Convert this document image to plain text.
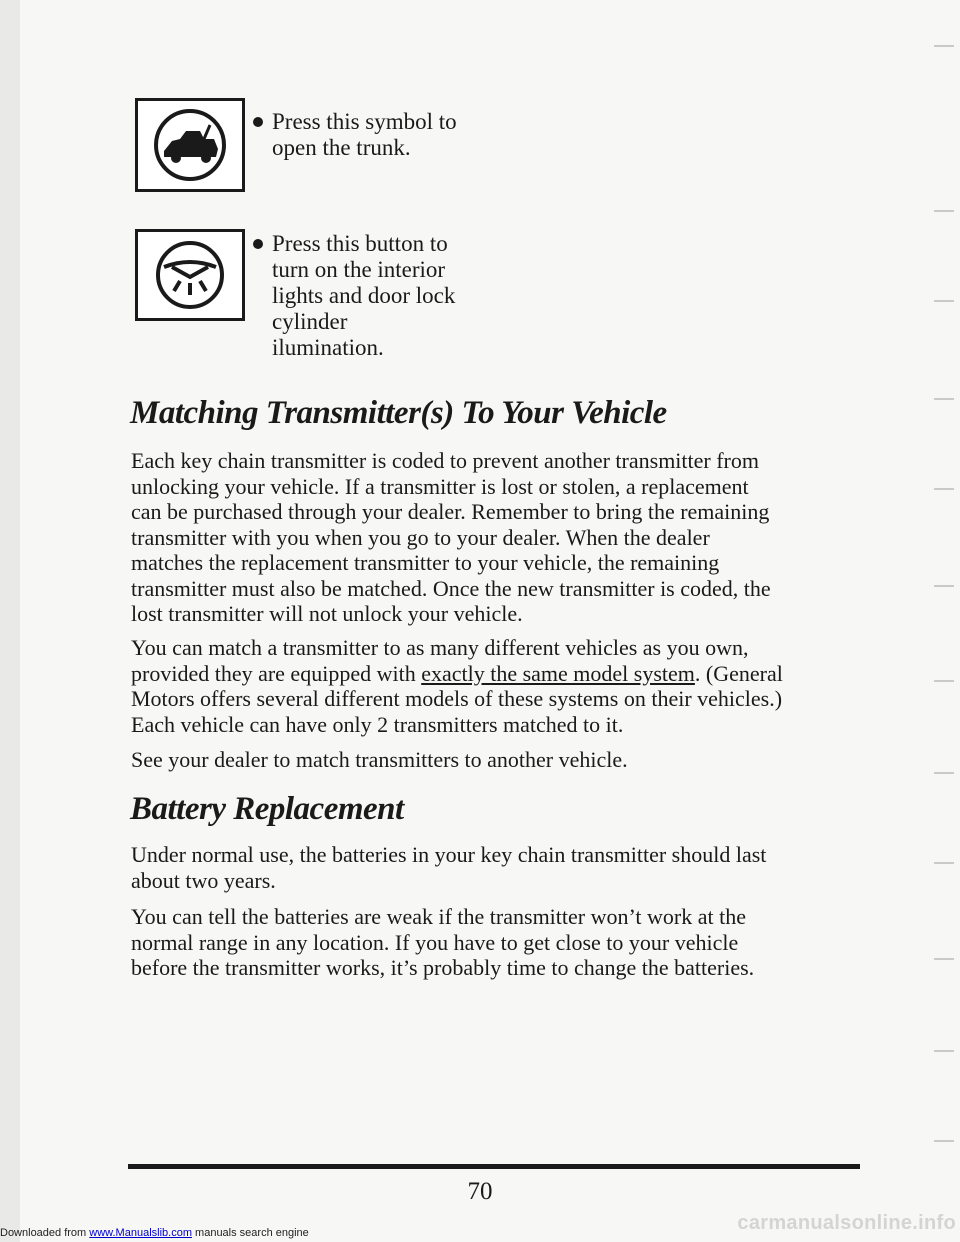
Press this symbol to
open the trunk.
Press this button to
turn on the interior
lights and door lock
cylinder
ilumination.
Matching Transmitter(s) To Your Vehicle
Each key chain transmitter is coded to prevent another transmitter from
unlocking your vehicle. If a transmitter is lost or stolen, a replacement
can be purchased through your dealer. Remember to bring the remaining
transmitter with you when you go to your dealer. When the dealer
matches the replacement transmitter to your vehicle, the remaining
transmitter must also be matched. Once the new transmitter is coded, the
lost transmitter will not unlock your vehicle.
You can match a transmitter to as many different vehicles as you own,
provided they are equipped with exactly the same model system. (General
Motors offers several different models of these systems on their vehicles.)
Each vehicle can have only 2 transmitters matched to it.
See your dealer to match transmitters to another vehicle.
Battery Replacement
Under normal use, the batteries in your key chain transmitter should last
about two years.
You can tell the batteries are weak if the transmitter won’t work at the
normal range in any location. If you have to get close to your vehicle
before the transmitter works, it’s probably time to change the batteries.
70
Downloaded from www.Manualslib.com manuals search engine	carmanualsonline.info
